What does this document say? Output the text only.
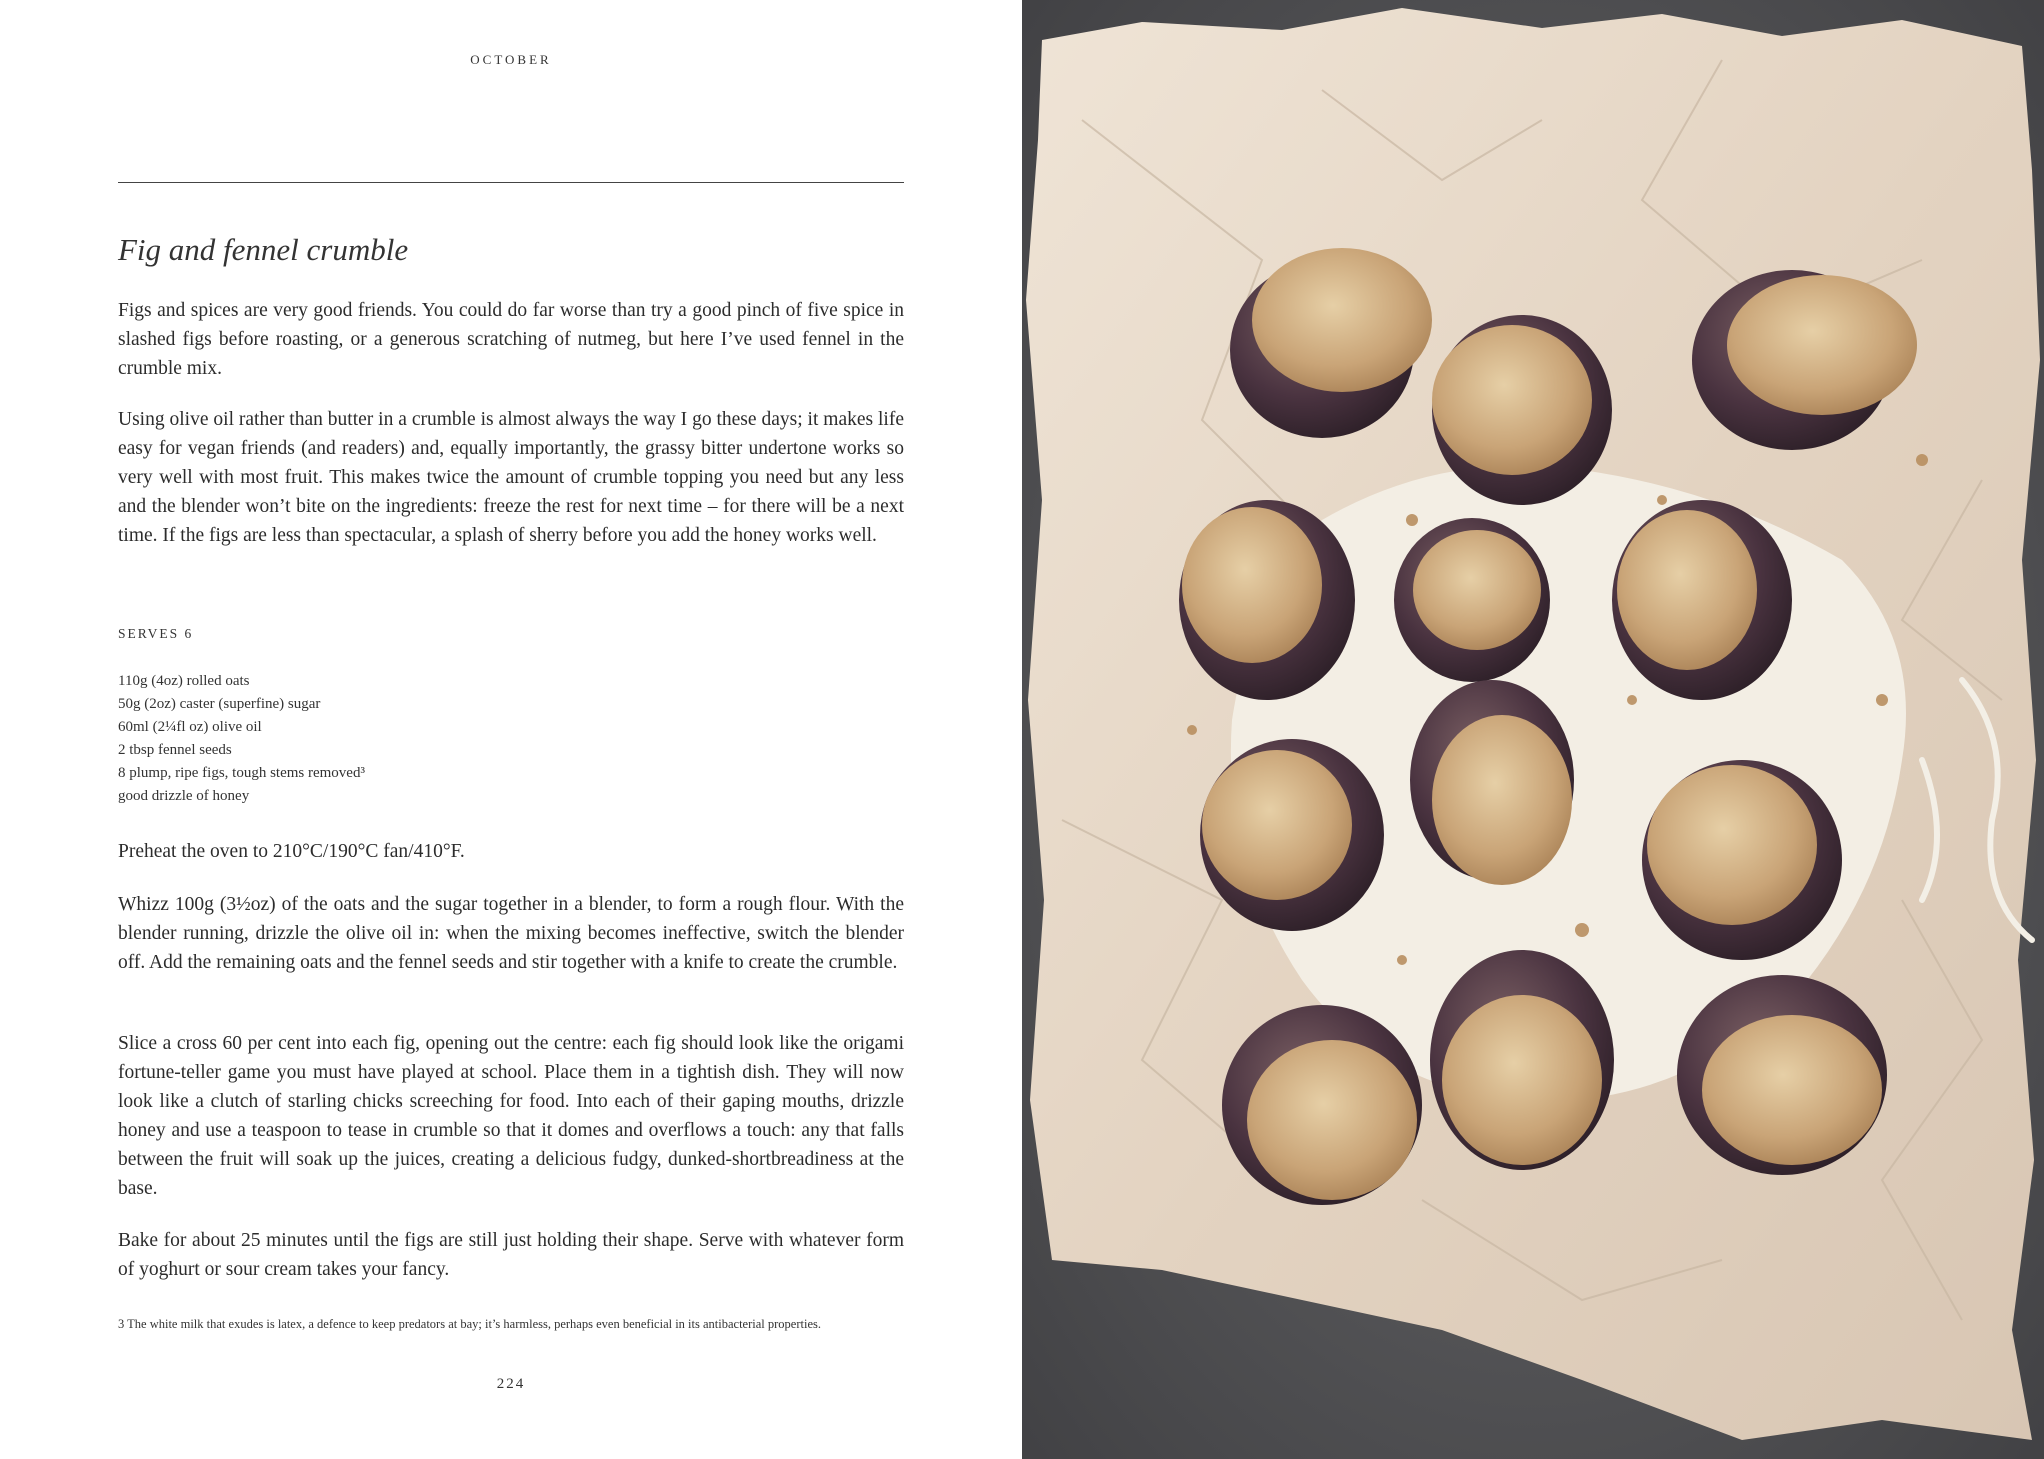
OCTOBER
Fig and fennel crumble

Figs and spices are very good friends. You could do far worse than try a good pinch of five spice in slashed figs before roasting, or a generous scratching of nutmeg, but here I’ve used fennel in the crumble mix.

Using olive oil rather than butter in a crumble is almost always the way I go these days; it makes life easy for vegan friends (and readers) and, equally importantly, the grassy bitter undertone works so very well with most fruit. This makes twice the amount of crumble topping you need but any less and the blender won’t bite on the ingredients: freeze the rest for next time – for there will be a next time. If the figs are less than spectacular, a splash of sherry before you add the honey works well.

SERVES 6
110g (4oz) rolled oats
50g (2oz) caster (superfine) sugar
60ml (2¼fl oz) olive oil
2 tbsp fennel seeds
8 plump, ripe figs, tough stems removed³
good drizzle of honey

Preheat the oven to 210°C/190°C fan/410°F.

Whizz 100g (3½oz) of the oats and the sugar together in a blender, to form a rough flour. With the blender running, drizzle the olive oil in: when the mixing becomes ineffective, switch the blender off. Add the remaining oats and the fennel seeds and stir together with a knife to create the crumble.

Slice a cross 60 per cent into each fig, opening out the centre: each fig should look like the origami fortune-teller game you must have played at school. Place them in a tightish dish. They will now look like a clutch of starling chicks screeching for food. Into each of their gaping mouths, drizzle honey and use a teaspoon to tease in crumble so that it domes and overflows a touch: any that falls between the fruit will soak up the juices, creating a delicious fudgy, dunked-shortbreadiness at the base.

Bake for about 25 minutes until the figs are still just holding their shape. Serve with whatever form of yoghurt or sour cream takes your fancy.

3 The white milk that exudes is latex, a defence to keep predators at bay; it’s harmless, perhaps even beneficial in its antibacterial properties.

224
